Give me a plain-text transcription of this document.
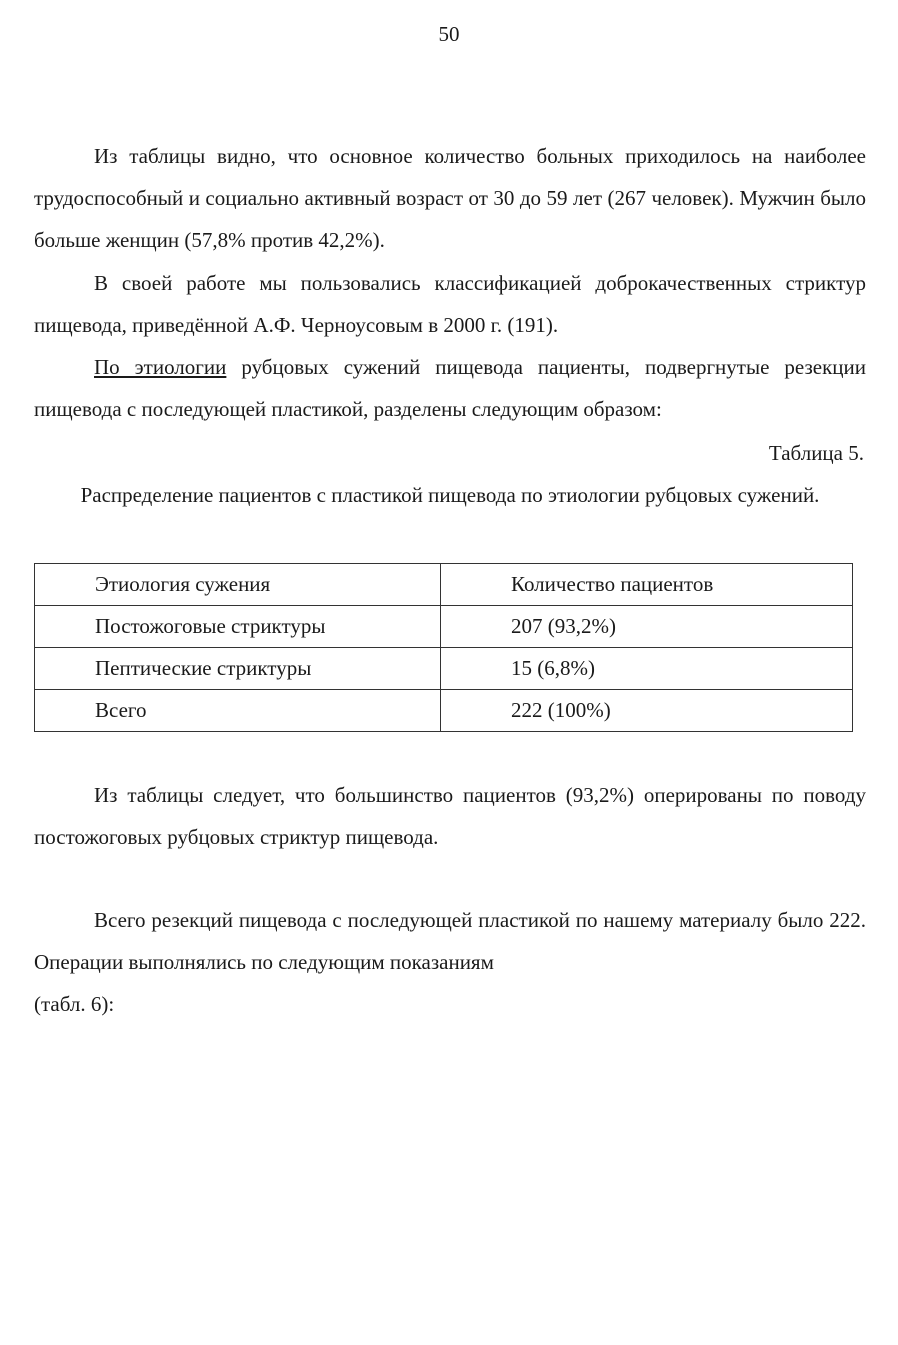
50

Из таблицы видно, что основное количество больных приходилось на наиболее трудоспособный и социально активный возраст от 30 до 59 лет (267 человек). Мужчин было больше женщин (57,8% против 42,2%).

В своей работе мы пользовались классификацией доброкачественных стриктур пищевода, приведённой А.Ф. Черноусовым в 2000 г. (191).

По этиологии рубцовых сужений пищевода пациенты, подвергнутые резекции пищевода с последующей пластикой, разделены следующим образом:

Таблица 5.
Распределение пациентов с пластикой пищевода по этиологии рубцовых сужений.
Этиология сужения	Количество пациентов
Постожоговые стриктуры	207 (93,2%)
Пептические стриктуры	15 (6,8%)
Всего	222 (100%)

Из таблицы следует, что большинство пациентов (93,2%) оперированы по поводу постожоговых рубцовых стриктур пищевода.

Всего резекций пищевода с последующей пластикой по нашему материалу было 222. Операции выполнялись по следующим показаниям

(табл. 6):
